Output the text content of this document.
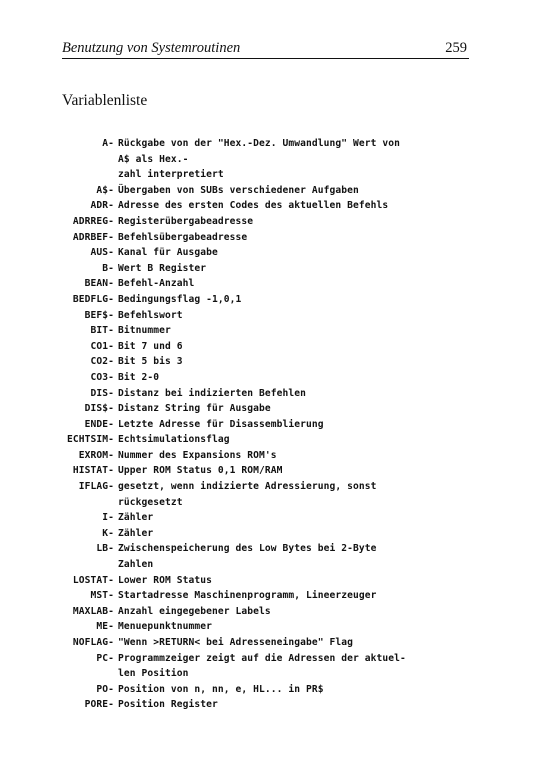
Benutzung von Systemroutinen	259
Variablenliste
A- Rückgabe von der "Hex.-Dez. Umwandlung" Wert von
A$ als Hex.-
zahl interpretiert
A$- Übergaben von SUBs verschiedener Aufgaben
ADR- Adresse des ersten Codes des aktuellen Befehls
ADRREG- Registerübergabeadresse
ADRBEF- Befehlsübergabeadresse
AUS- Kanal für Ausgabe
B- Wert B Register
BEAN- Befehl-Anzahl
BEDFLG- Bedingungsflag -1,0,1
BEF$- Befehlswort
BIT- Bitnummer
CO1- Bit 7 und 6
CO2- Bit 5 bis 3
CO3- Bit 2-0
DIS- Distanz bei indizierten Befehlen
DIS$- Distanz String für Ausgabe
ENDE- Letzte Adresse für Disassemblierung
ECHTSIM- Echtsimulationsflag
EXROM- Nummer des Expansions ROM's
HISTAT- Upper ROM Status 0,1 ROM/RAM
IFLAG- gesetzt, wenn indizierte Adressierung, sonst
rückgesetzt
I- Zähler
K- Zähler
LB- Zwischenspeicherung des Low Bytes bei 2-Byte
Zahlen
LOSTAT- Lower ROM Status
MST- Startadresse Maschinenprogramm, Lineerzeuger
MAXLAB- Anzahl eingegebener Labels
ME- Menuepunktnummer
NOFLAG- "Wenn >RETURN< bei Adresseneingabe" Flag
PC- Programmzeiger zeigt auf die Adressen der aktuel-
len Position
PO- Position von n, nn, e, HL... in PR$
PORE- Position Register
